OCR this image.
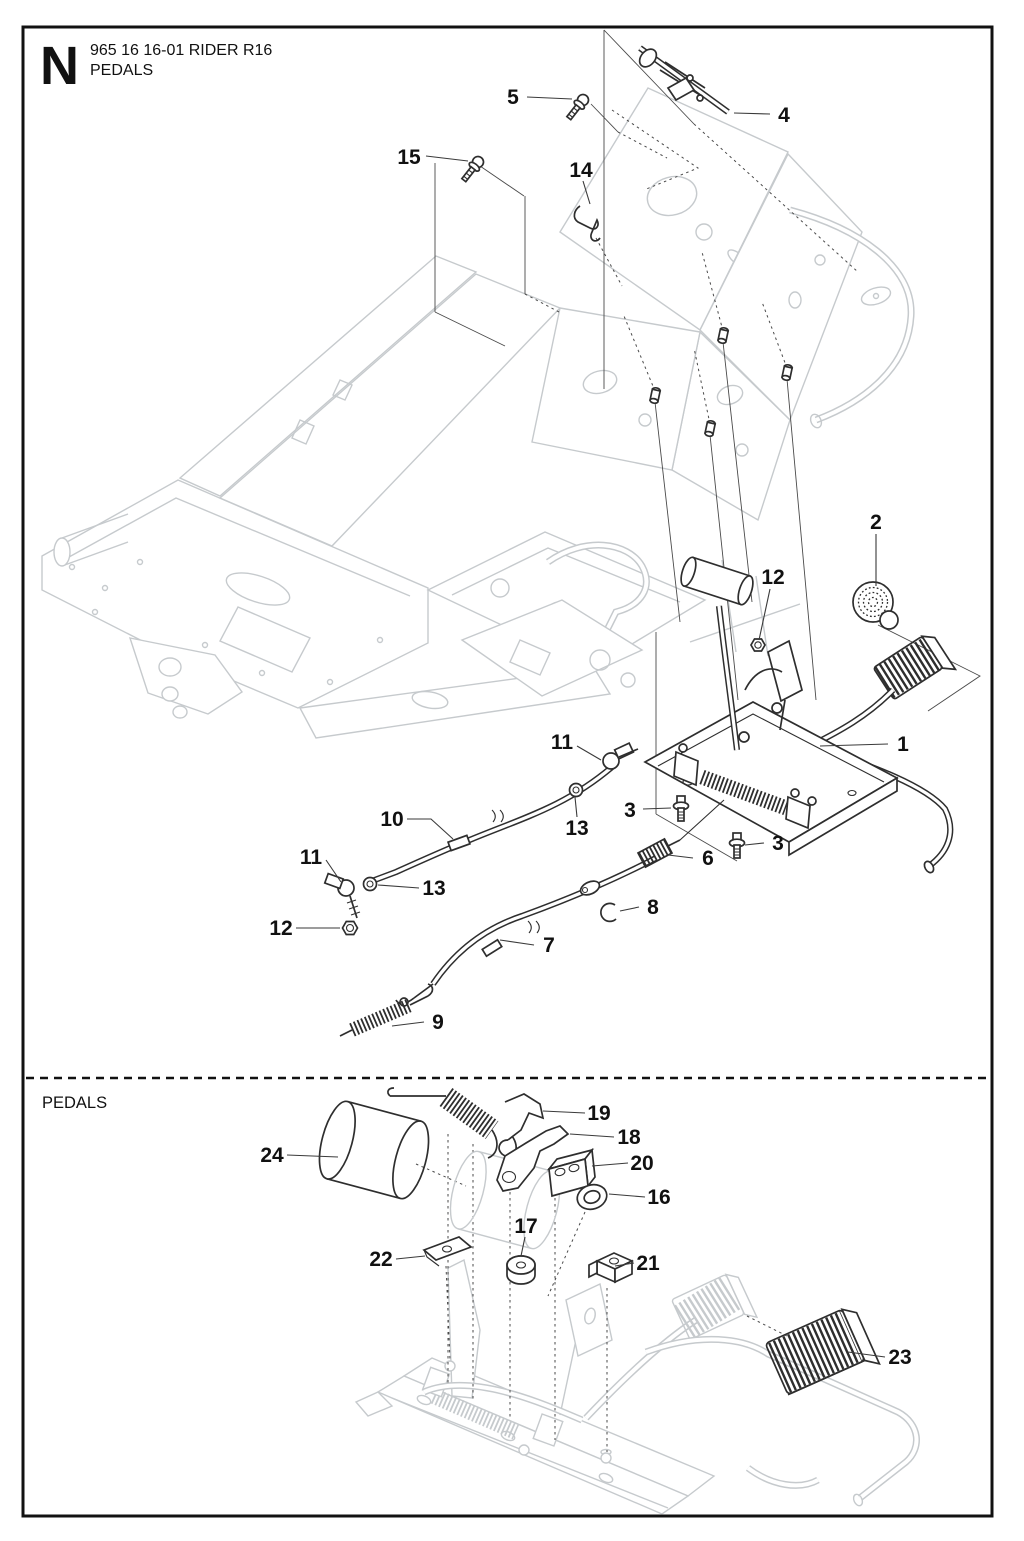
N 965 16 16-01 RIDER R16
PEDALS
PEDALS
5
4
15
14
2
12
1
11
13
10	3
3
6
11
13
8
12
7
9
19
18
20
16
24
17
22	21
23
